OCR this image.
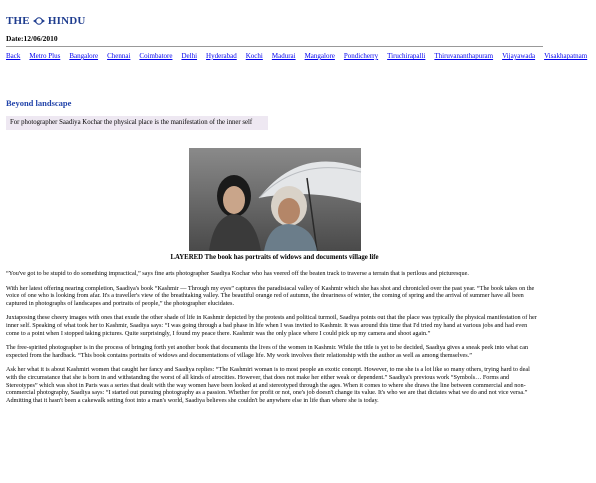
THE HINDU
Date:12/06/2010
Back Metro Plus Bangalore Chennai Coimbatore Delhi Hyderabad Kochi Madurai Mangalore Pondicherry Tiruchirapalli Thiruvananthapuram Vijayawada Visakhapatnam
Beyond landscape
For photographer Saadiya Kochar the physical place is the manifestation of the inner self
LAYERED The book has portraits of widows and documents village life

“You've got to be stupid to do something impractical,” says fine arts photographer Saadiya Kochar who has veered off the beaten track to traverse a terrain that is perilous and picturesque.

With her latest offering nearing completion, Saadiya's book “Kashmir — Through my eyes” captures the paradisiacal valley of Kashmir which she has shot and chronicled over the past year. “The book takes on the voice of one who is looking from afar. It's a traveller's view of the breathtaking valley. The beautiful orange red of autumn, the dreariness of winter, the coming of spring and the arrival of summer have all been captured in photographs of landscapes and portraits of people,” the photographer elucidates.

Juxtaposing these cheery images with ones that exude the other shade of life in Kashmir depicted by the protests and political turmoil, Saadiya points out that the place was typically the physical manifestation of her inner self. Speaking of what took her to Kashmir, Saadiya says: “I was going through a bad phase in life when I was invited to Kashmir. It was around this time that I'd tried my hand at various jobs and had even come to a point when I stopped taking pictures. Quite surprisingly, I found my peace there. Kashmir was the only place where I could pick up my camera and shoot again.”

The free-spirited photographer is in the process of bringing forth yet another book that documents the lives of the women in Kashmir. While the title is yet to be decided, Saadiya gives a sneak peek into what can expected from the hardback. “This book contains portraits of widows and documentations of village life. My work involves their relationship with the author as well as among themselves.”

Ask her what it is about Kashmiri women that caught her fancy and Saadiya replies: “The Kashmiri woman is to most people an exotic concept. However, to me she is a lot like so many others, trying hard to deal with the circumstance that she is born in and withstanding the worst of all kinds of atrocities. However, that does not make her either weak or dependent.” Saadiya's previous work “Symbols… Forms and Stereotypes” which was shot in Paris was a series that dealt with the way women have been looked at and stereotyped through the ages. When it comes to where she draws the line between commercial and non-commercial photography, Saadiya says: “I started out pursuing photography as a passion. Whether for profit or not, one's job doesn't change its value. It's who we are that dictates what we do and not vice versa.” Admitting that it hasn't been a cakewalk setting foot into a man's world, Saadiya believes she couldn't be anywhere else in life than where she is today.
